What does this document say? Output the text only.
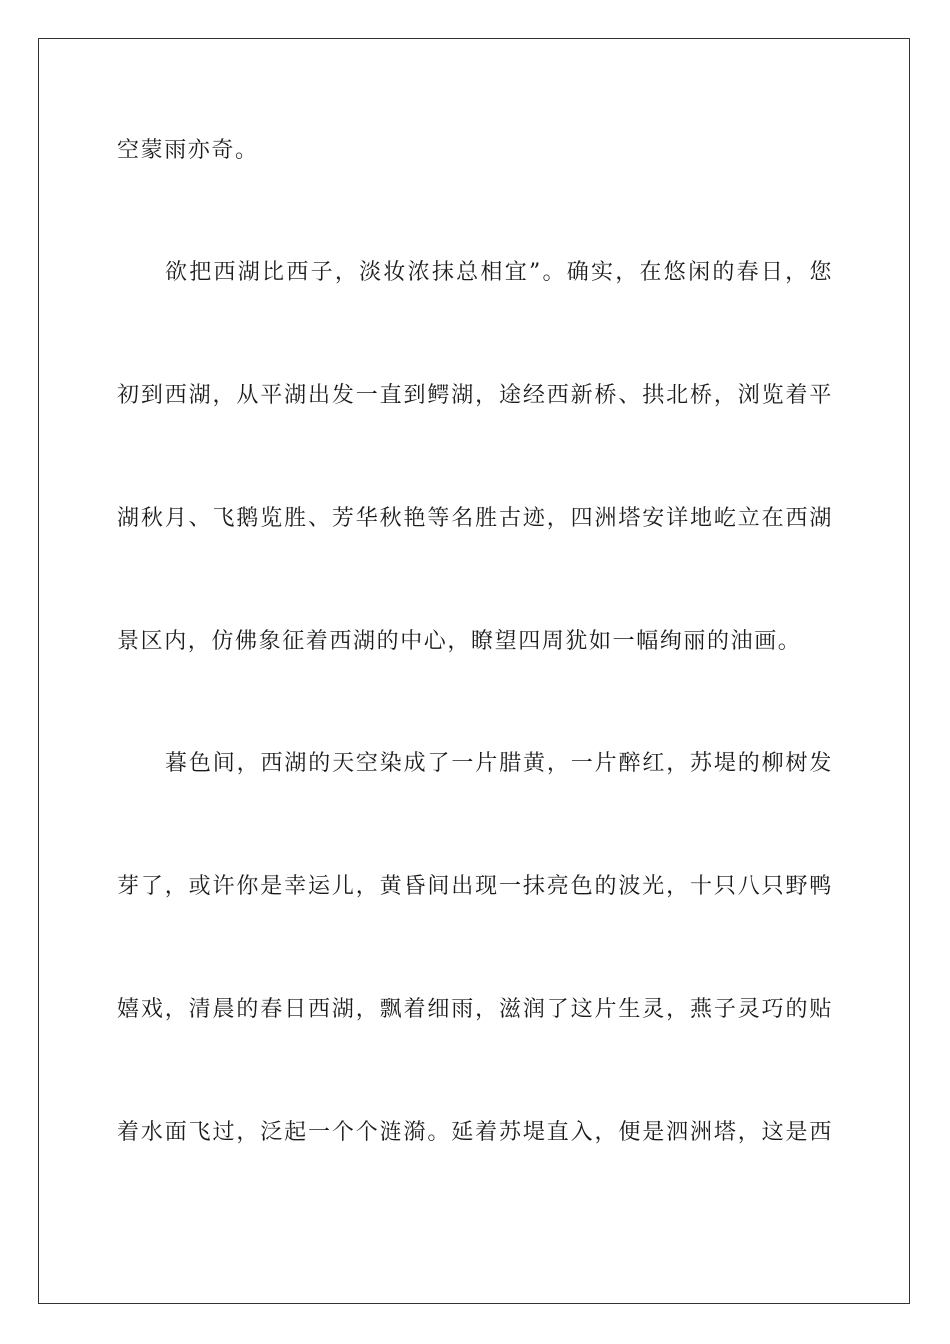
空蒙雨亦奇。
欲把西湖比西子，淡妆浓抹总相宜”。确实，在悠闲的春日，您
初到西湖，从平湖出发一直到鳄湖，途经西新桥、拱北桥，浏览着平
湖秋月、飞鹅览胜、芳华秋艳等名胜古迹，四洲塔安详地屹立在西湖
景区内，仿佛象征着西湖的中心，瞭望四周犹如一幅绚丽的油画。
暮色间，西湖的天空染成了一片腊黄，一片醉红，苏堤的柳树发
芽了，或许你是幸运儿，黄昏间出现一抹亮色的波光，十只八只野鸭
嬉戏，清晨的春日西湖，飘着细雨，滋润了这片生灵，燕子灵巧的贴
着水面飞过，泛起一个个涟漪。延着苏堤直入，便是泗洲塔，这是西
